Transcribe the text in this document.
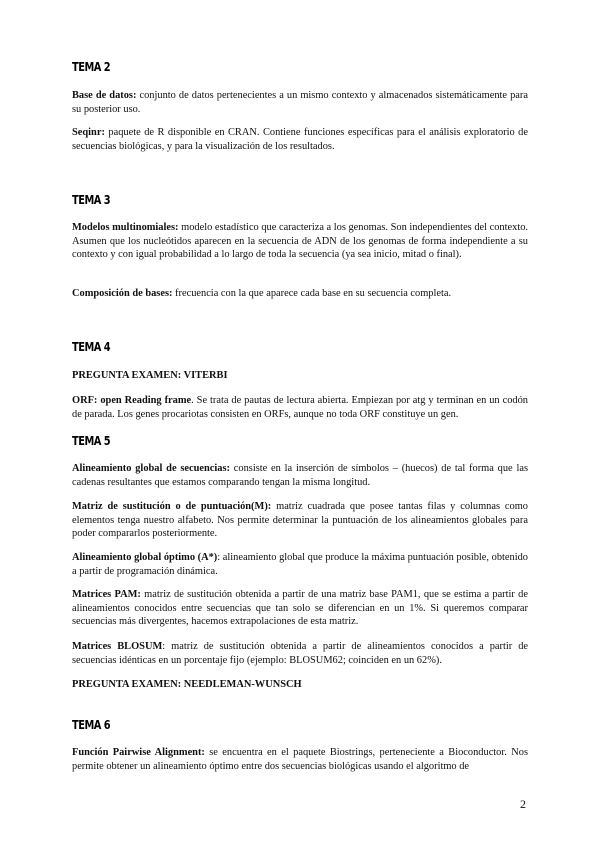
TEMA 2
Base de datos: conjunto de datos pertenecientes a un mismo contexto y almacenados sistemáticamente para su posterior uso.
Seqinr: paquete de R disponible en CRAN. Contiene funciones específicas para el análisis exploratorio de secuencias biológicas, y para la visualización de los resultados.
TEMA 3
Modelos multinomiales: modelo estadístico que caracteriza a los genomas. Son independientes del contexto. Asumen que los nucleótidos aparecen en la secuencia de ADN de los genomas de forma independiente a su contexto y con igual probabilidad a lo largo de toda la secuencia (ya sea inicio, mitad o final).
Composición de bases: frecuencia con la que aparece cada base en su secuencia completa.
TEMA 4
PREGUNTA EXAMEN: VITERBI
ORF: open Reading frame. Se trata de pautas de lectura abierta. Empiezan por atg y terminan en un codón de parada. Los genes procariotas consisten en ORFs, aunque no toda ORF constituye un gen.
TEMA 5
Alineamiento global de secuencias: consiste en la inserción de símbolos – (huecos) de tal forma que las cadenas resultantes que estamos comparando tengan la misma longitud.
Matriz de sustitución o de puntuación(M): matriz cuadrada que posee tantas filas y columnas como elementos tenga nuestro alfabeto. Nos permite determinar la puntuación de los alineamientos globales para poder compararlos posteriormente.
Alineamiento global óptimo (A*): alineamiento global que produce la máxima puntuación posible, obtenido a partir de programación dinámica.
Matrices PAM: matriz de sustitución obtenida a partir de una matriz base PAM1, que se estima a partir de alineamientos conocidos entre secuencias que tan solo se diferencian en un 1%. Si queremos comparar secuencias más divergentes, hacemos extrapolaciones de esta matriz.
Matrices BLOSUM: matriz de sustitución obtenida a partir de alineamientos conocidos a partir de secuencias idénticas en un porcentaje fijo (ejemplo: BLOSUM62; coinciden en un 62%).
PREGUNTA EXAMEN: NEEDLEMAN-WUNSCH
TEMA 6
Función Pairwise Alignment: se encuentra en el paquete Biostrings, perteneciente a Bioconductor. Nos permite obtener un alineamiento óptimo entre dos secuencias biológicas usando el algoritmo de
2
